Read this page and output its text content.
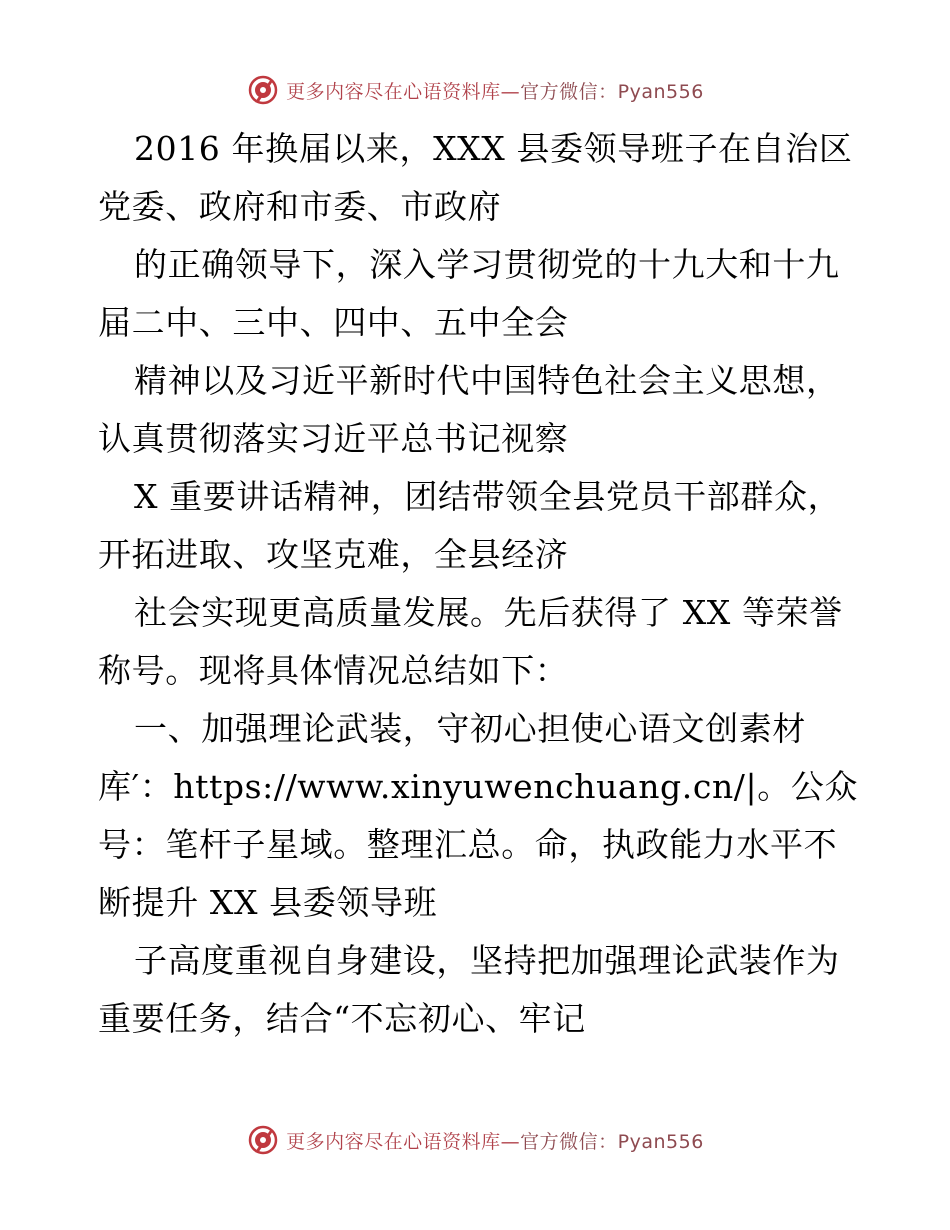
更多内容尽在心语资料库—官方微信：Pyan556
2016 年换届以来，XXX 县委领导班子在自治区
党委、政府和市委、市政府
的正确领导下，深入学习贯彻党的十九大和十九
届二中、三中、四中、五中全会
精神以及习近平新时代中国特色社会主义思想，
认真贯彻落实习近平总书记视察
X 重要讲话精神，团结带领全县党员干部群众，
开拓进取、攻坚克难，全县经济
社会实现更高质量发展。先后获得了 XX 等荣誉
称号。现将具体情况总结如下：
一、加强理论武装，守初心担使心语文创素材
库′：https://www.xinyuwenchuang.cn/|。公众
号：笔杆子星域。整理汇总。命，执政能力水平不
断提升 XX 县委领导班
子高度重视自身建设，坚持把加强理论武装作为
重要任务，结合“不忘初心、牢记
更多内容尽在心语资料库—官方微信：Pyan556
